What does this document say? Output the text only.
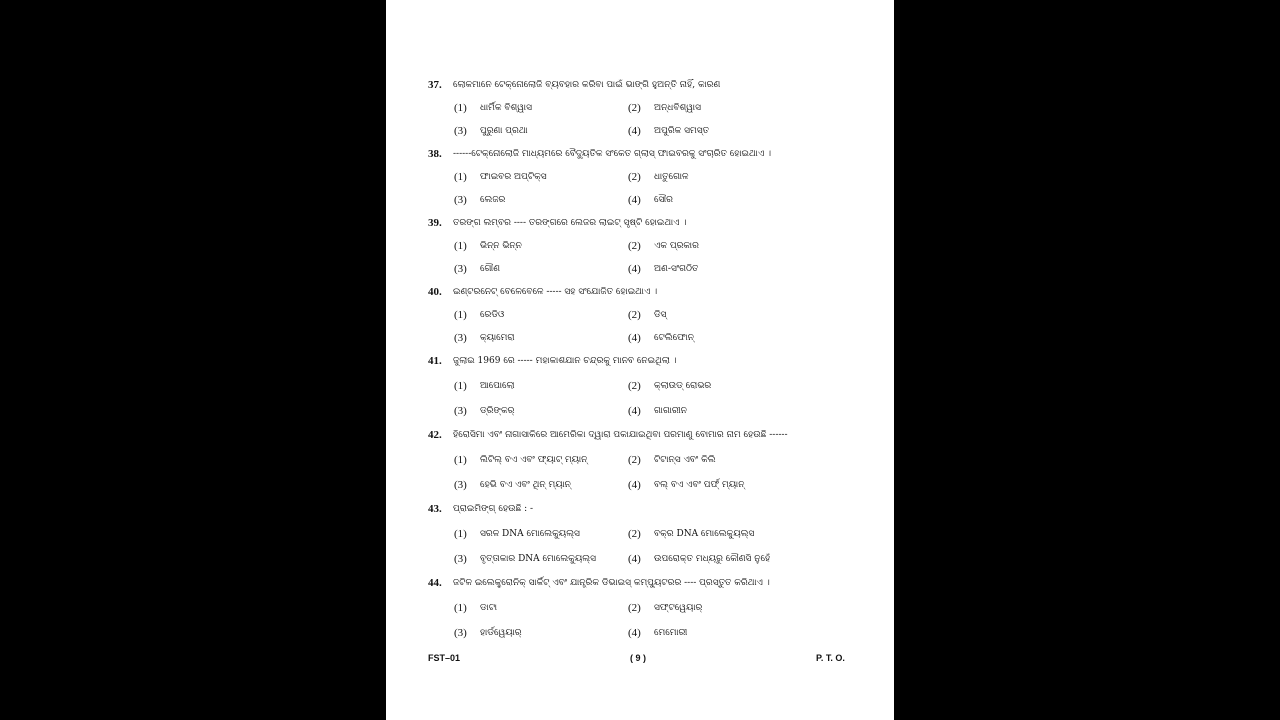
37. ଲୋକମାନେ ଟେକ୍ନୋଲୋଜି ବ୍ୟବହାର କରିବା ପାଇଁ ଭାଙ୍ଗି ହୁଅନ୍ତି ନାହିଁ, କାରଣ
(1) ଧାର୍ମିକ ବିଶ୍ୱାସ	(2) ଅନ୍ଧବିଶ୍ୱାସ
(3) ପୁରୁଣା ପ୍ରଥା	(4) ଅପୁରିକ ସମସ୍ତ
38. ------ଟେକ୍ନୋଲୋଜି ମାଧ୍ୟମରେ ବୈଦ୍ୟୁତିକ ସଂକେତ ଗ୍ଲାସ୍ ଫାଇବରକୁ ସଂଚାରିତ ହୋଇଥାଏ ।
(1) ଫାଇବର ଅପ୍ଟିକ୍ସ	(2) ଧାତୁଗୋଳ
(3) ଲେଜର	(4) ସୌର
39. ତରଙ୍ଗ ଲମ୍ବର ---- ତରଙ୍ଗରେ ଲେଜର ଲାଇଟ୍ ସୃଷ୍ଟି ହୋଇଥାଏ ।
(1) ଭିନ୍ନ ଭିନ୍ନ	(2) ଏକ ପ୍ରକାର
(3) ଗୌଣ	(4) ଅଣ-ସଂଗଠିତ
40. ଇଣ୍ଟରନେଟ୍ ବେଳେବେଳେ ----- ସହ ସଂଯୋଜିତ ହୋଇଥାଏ ।
(1) ରେଡିଓ	(2) ଡିସ୍
(3) କ୍ୟାମେରା	(4) ଟେଲିଫୋନ୍
41. ଜୁଲାଇ 1969 ରେ ----- ମହାକାଶଯାନ ଚନ୍ଦ୍ରକୁ ମାନବ ନେଇଥିଲା ।
(1) ଆପୋଲୋ	(2) କ୍ଲାଉଡ୍ ରୋଭର
(3) ଡ୍ରିଙ୍କର୍	(4) ଗାଗାରୀନ
42. ହିରୋସିମା ଏବଂ ନାଗାସାକିରେ ଆମେରିକା ଦ୍ୱାରା ପକାଯାଇଥିବା ପରମାଣୁ ବୋମାର ନାମ ହେଉଛି ------
(1) ଲିଟିଲ୍ ବଏ ଏବଂ ଫ୍ୟାଟ୍ ମ୍ୟାନ୍	(2) ଟିଟାନ୍ସ ଏବଂ କିଲି
(3) ହେଭି ବଏ ଏବଂ ଥିନ୍ ମ୍ୟାନ୍	(4) ବଲ୍ ବଏ ଏବଂ ପର୍ଫ୍ ମ୍ୟାନ୍
43. ପ୍ରାଇମିଙ୍ଗ୍ ହେଉଛି : -
(1) ସରଳ DNA ମୋଲେକ୍ୟୁଲ୍ସ	(2) ବକ୍ର DNA ମୋଲେକ୍ୟୁଲ୍ସ
(3) ବୃତ୍ତାକାର DNA ମୋଲେକ୍ୟୁଲ୍ସ	(4) ଉପରୋକ୍ତ ମଧ୍ୟରୁ କୌଣସି ନୁହେଁ
44. ଜଟିଳ ଇଲେକ୍ଟ୍ରୋନିକ୍ ସାର୍କିଟ୍ ଏବଂ ଯାନ୍ତ୍ରିକ ଡିଭାଇସ୍ କମ୍ପ୍ୟୁଟରର ---- ପ୍ରସ୍ତୁତ କରିଥାଏ ।
(1) ଡାଟା	(2) ସଫ୍ଟୱେୟାର୍
(3) ହାର୍ଡୱେୟାର୍	(4) ମେମୋରୀ
FST–01	( 9 )	P. T. O.
